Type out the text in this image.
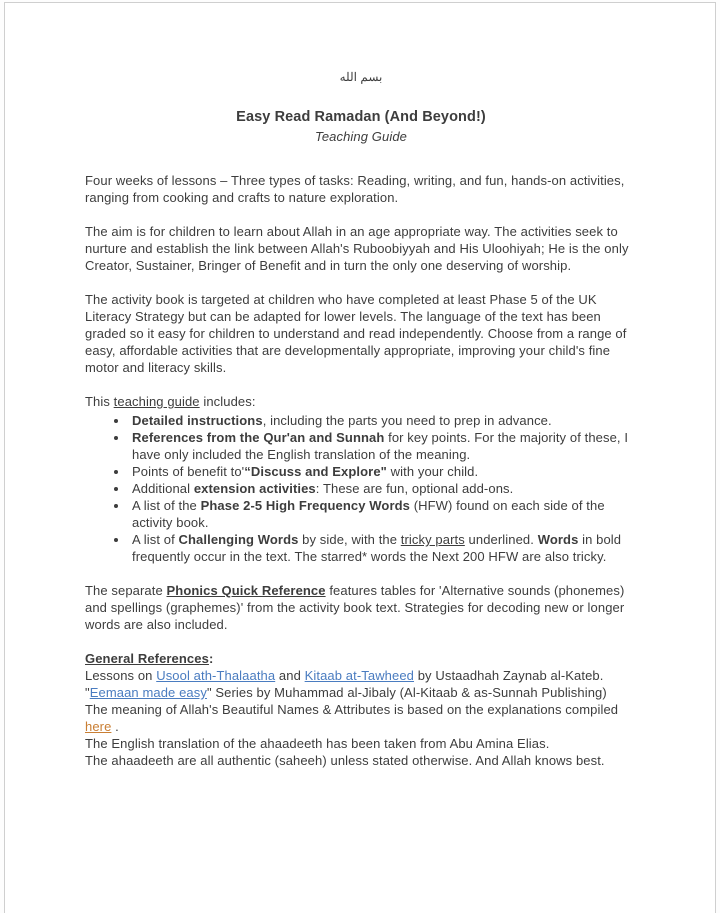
بسم الله
Easy Read Ramadan (And Beyond!)
Teaching Guide

Four weeks of lessons – Three types of tasks: Reading, writing, and fun, hands-on activities, ranging from cooking and crafts to nature exploration.

The aim is for children to learn about Allah in an age appropriate way. The activities seek to nurture and establish the link between Allah's Ruboobiyyah and His Uloohiyah; He is the only Creator, Sustainer, Bringer of Benefit and in turn the only one deserving of worship.

The activity book is targeted at children who have completed at least Phase 5 of the UK Literacy Strategy but can be adapted for lower levels. The language of the text has been graded so it easy for children to understand and read independently. Choose from a range of easy, affordable activities that are developmentally appropriate, improving your child's fine motor and literacy skills.

This teaching guide includes:

• Detailed instructions, including the parts you need to prep in advance.
• References from the Qur'an and Sunnah for key points. For the majority of these, I have only included the English translation of the meaning.
• Points of benefit to'“Discuss and Explore" with your child.
• Additional extension activities: These are fun, optional add-ons.
• A list of the Phase 2-5 High Frequency Words (HFW) found on each side of the activity book.
• A list of Challenging Words by side, with the tricky parts underlined. Words in bold frequently occur in the text. The starred* words the Next 200 HFW are also tricky.

The separate Phonics Quick Reference features tables for 'Alternative sounds (phonemes) and spellings (graphemes)' from the activity book text. Strategies for decoding new or longer words are also included.

General References:

Lessons on Usool ath-Thalaatha and Kitaab at-Tawheed by Ustaadhah Zaynab al-Kateb.

"Eemaan made easy" Series by Muhammad al-Jibaly (Al-Kitaab & as-Sunnah Publishing)

The meaning of Allah's Beautiful Names & Attributes is based on the explanations compiled here .

The English translation of the ahaadeeth has been taken from Abu Amina Elias.

The ahaadeeth are all authentic (saheeh) unless stated otherwise. And Allah knows best.
